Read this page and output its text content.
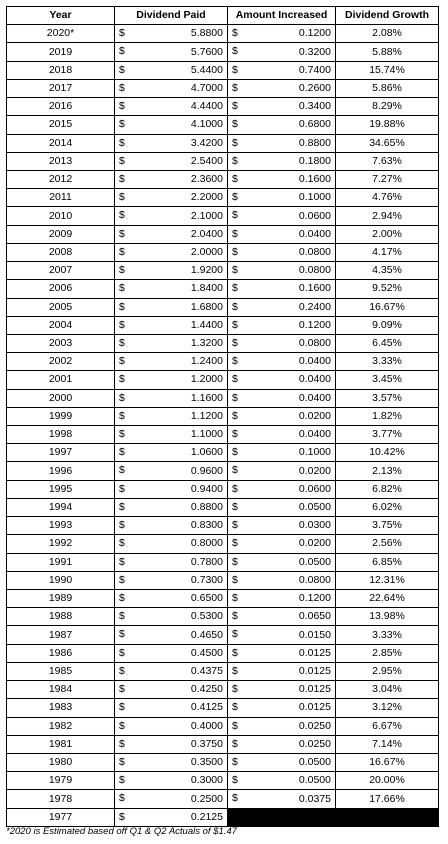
Year	Dividend Paid	Amount Increased	Dividend Growth
2020*	$ 5.8800	$ 0.1200	2.08%
2019	$ 5.7600	$ 0.3200	5.88%
2018	$ 5.4400	$ 0.7400	15.74%
2017	$ 4.7000	$ 0.2600	5.86%
2016	$ 4.4400	$ 0.3400	8.29%
2015	$ 4.1000	$ 0.6800	19.88%
2014	$ 3.4200	$ 0.8800	34.65%
2013	$ 2.5400	$ 0.1800	7.63%
2012	$ 2.3600	$ 0.1600	7.27%
2011	$ 2.2000	$ 0.1000	4.76%
2010	$ 2.1000	$ 0.0600	2.94%
2009	$ 2.0400	$ 0.0400	2.00%
2008	$ 2.0000	$ 0.0800	4.17%
2007	$ 1.9200	$ 0.0800	4.35%
2006	$ 1.8400	$ 0.1600	9.52%
2005	$ 1.6800	$ 0.2400	16.67%
2004	$ 1.4400	$ 0.1200	9.09%
2003	$ 1.3200	$ 0.0800	6.45%
2002	$ 1.2400	$ 0.0400	3.33%
2001	$ 1.2000	$ 0.0400	3.45%
2000	$ 1.1600	$ 0.0400	3.57%
1999	$ 1.1200	$ 0.0200	1.82%
1998	$ 1.1000	$ 0.0400	3.77%
1997	$ 1.0600	$ 0.1000	10.42%
1996	$ 0.9600	$ 0.0200	2.13%
1995	$ 0.9400	$ 0.0600	6.82%
1994	$ 0.8800	$ 0.0500	6.02%
1993	$ 0.8300	$ 0.0300	3.75%
1992	$ 0.8000	$ 0.0200	2.56%
1991	$ 0.7800	$ 0.0500	6.85%
1990	$ 0.7300	$ 0.0800	12.31%
1989	$ 0.6500	$ 0.1200	22.64%
1988	$ 0.5300	$ 0.0650	13.98%
1987	$ 0.4650	$ 0.0150	3.33%
1986	$ 0.4500	$ 0.0125	2.85%
1985	$ 0.4375	$ 0.0125	2.95%
1984	$ 0.4250	$ 0.0125	3.04%
1983	$ 0.4125	$ 0.0125	3.12%
1982	$ 0.4000	$ 0.0250	6.67%
1981	$ 0.3750	$ 0.0250	7.14%
1980	$ 0.3500	$ 0.0500	16.67%
1979	$ 0.3000	$ 0.0500	20.00%
1978	$ 0.2500	$ 0.0375	17.66%
1977	$ 0.2125		

*2020 is Estimated based off Q1 & Q2 Actuals of $1.47
